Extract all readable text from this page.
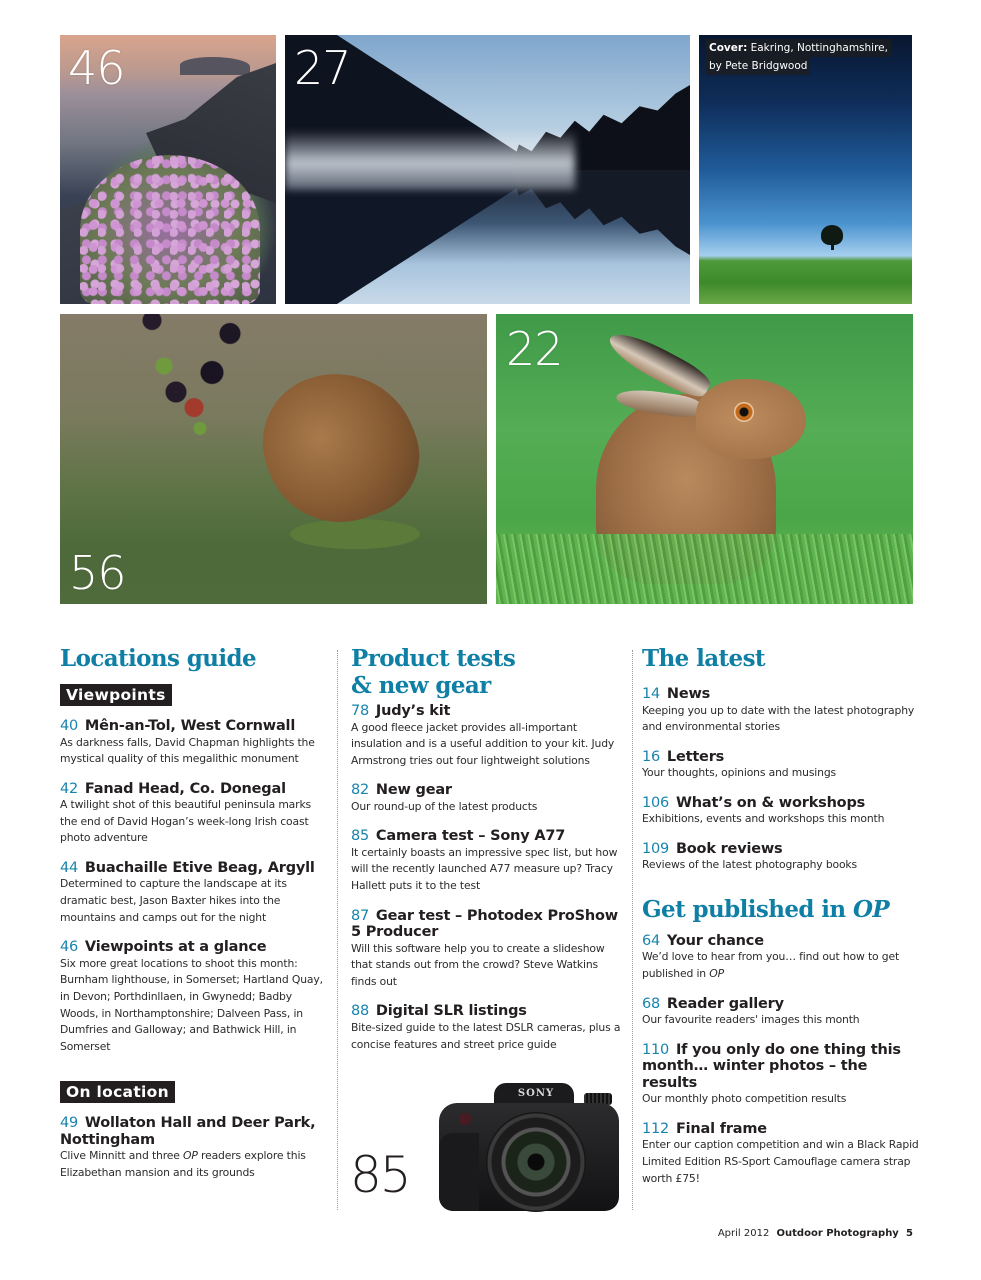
46	27	Cover: Eakring, Nottinghamshire,
by Pete Bridgwood
56
22
Locations guide
Viewpoints
40 Mên-an-Tol, West Cornwall
As darkness falls, David Chapman highlights the mystical quality of this megalithic monument
42 Fanad Head, Co. Donegal
A twilight shot of this beautiful peninsula marks the end of David Hogan’s week-long Irish coast photo adventure
44 Buachaille Etive Beag, Argyll
Determined to capture the landscape at its dramatic best, Jason Baxter hikes into the mountains and camps out for the night
46 Viewpoints at a glance
Six more great locations to shoot this month: Burnham lighthouse, in Somerset; Hartland Quay, in Devon; Porthdinllaen, in Gwynedd; Badby Woods, in Northamptonshire; Dalveen Pass, in Dumfries and Galloway; and Bathwick Hill, in Somerset
On location
49 Wollaton Hall and Deer Park, Nottingham
Clive Minnitt and three OP readers explore this Elizabethan mansion and its grounds
Product tests
& new gear
78 Judy’s kit
A good fleece jacket provides all-important insulation and is a useful addition to your kit. Judy Armstrong tries out four lightweight solutions
82 New gear
Our round-up of the latest products
85 Camera test – Sony A77
It certainly boasts an impressive spec list, but how will the recently launched A77 measure up? Tracy Hallett puts it to the test
87 Gear test – Photodex ProShow 5 Producer
Will this software help you to create a slideshow that stands out from the crowd? Steve Watkins finds out
88 Digital SLR listings
Bite-sized guide to the latest DSLR cameras, plus a concise features and street price guide
SONY
85
The latest
14 News
Keeping you up to date with the latest photography and environmental stories
16 Letters
Your thoughts, opinions and musings
106 What’s on & workshops
Exhibitions, events and workshops this month
109 Book reviews
Reviews of the latest photography books
Get published in OP
64 Your chance
We’d love to hear from you… find out how to get published in OP
68 Reader gallery
Our favourite readers' images this month
110 If you only do one thing this month… winter photos – the results
Our monthly photo competition results
112 Final frame
Enter our caption competition and win a Black Rapid Limited Edition RS-Sport Camouflage camera strap worth £75!
April 2012 Outdoor Photography 5
